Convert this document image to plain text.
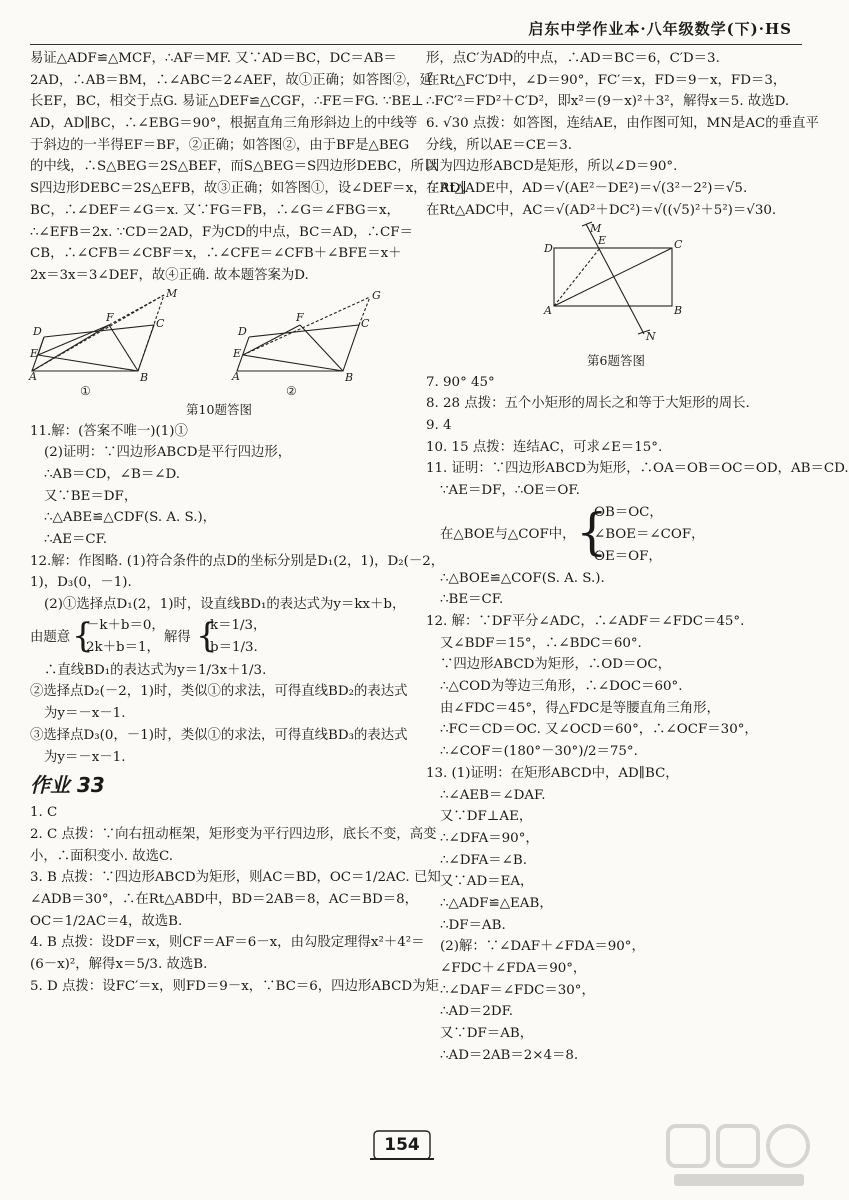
启东中学作业本·八年级数学(下)·HS
易证△ADF≌△MCF，∴AF＝MF. 又∵AD＝BC，DC＝AB＝
2AD，∴AB＝BM，∴∠ABC＝2∠AEF，故①正确；如答图②，延
长EF，BC，相交于点G. 易证△DEF≌△CGF，∴FE＝FG. ∵BE⊥
AD，AD∥BC，∴∠EBG＝90°，根据直角三角形斜边上的中线等
于斜边的一半得EF＝BF，②正确；如答图②，由于BF是△BEG
的中线，∴S△BEG＝2S△BEF，而S△BEG＝S四边形DEBC，所以
S四边形DEBC＝2S△EFB，故③正确；如答图①，设∠DEF＝x，∵AD∥
BC，∴∠DEF＝∠G＝x. 又∵FG＝FB，∴∠G＝∠FBG＝x，
∴∠EFB＝2x. ∵CD＝2AD，F为CD的中点，BC＝AD，∴CF＝
CB，∴∠CFB＝∠CBF＝x，∴∠CFE＝∠CFB＋∠BFE＝x＋
2x＝3x＝3∠DEF，故④正确. 故本题答案为D.
D
F	C
M
E
A	B
D
F	C
G
E
A	B
①	②
第10题答图
11.解：(答案不唯一)(1)①
(2)证明：∵四边形ABCD是平行四边形，
∴AB＝CD，∠B＝∠D.
又∵BE＝DF，
∴△ABE≌△CDF(S. A. S.)，
∴AE＝CF.
12.解：作图略. (1)符合条件的点D的坐标分别是D₁(2，1)，D₂(－2，
1)，D₃(0，－1).
(2)①选择点D₁(2，1)时，设直线BD₁的表达式为y＝kx＋b，
由题意 {
－k＋b＝0，
2k＋b＝1，
解得 {
k＝1/3，
b＝1/3.
∴直线BD₁的表达式为y＝1/3x＋1/3.
②选择点D₂(－2，1)时，类似①的求法，可得直线BD₂的表达式
为y＝－x－1.
③选择点D₃(0，－1)时，类似①的求法，可得直线BD₃的表达式
为y＝－x－1.
作业 33
1. C
2. C 点拨：∵向右扭动框架，矩形变为平行四边形，底长不变，高变
小，∴面积变小. 故选C.
3. B 点拨：∵四边形ABCD为矩形，则AC＝BD，OC＝1/2AC. 已知
∠ADB＝30°，∴在Rt△ABD中，BD＝2AB＝8，AC＝BD＝8，
OC＝1/2AC＝4，故选B.
4. B 点拨：设DF＝x，则CF＝AF＝6－x，由勾股定理得x²＋4²＝
(6－x)²，解得x＝5/3. 故选B.
5. D 点拨：设FC′＝x，则FD＝9－x，∵BC＝6，四边形ABCD为矩
形，点C′为AD的中点，∴AD＝BC＝6，C′D＝3.
在Rt△FC′D中，∠D＝90°，FC′＝x，FD＝9－x，FD＝3，
∴FC′²＝FD²＋C′D²，即x²＝(9－x)²＋3²，解得x＝5. 故选D.
6. √30 点拨：如答图，连结AE，由作图可知，MN是AC的垂直平
分线，所以AE＝CE＝3.
因为四边形ABCD是矩形，所以∠D＝90°.
在Rt△ADE中，AD＝√(AE²－DE²)＝√(3²－2²)＝√5.
在Rt△ADC中，AC＝√(AD²＋DC²)＝√((√5)²＋5²)＝√30.
D
E	C
M
A	B
N
第6题答图
7. 90° 45°
8. 28 点拨：五个小矩形的周长之和等于大矩形的周长.
9. 4
10. 15 点拨：连结AC，可求∠E＝15°.
11. 证明：∵四边形ABCD为矩形，∴OA＝OB＝OC＝OD，AB＝CD.
∵AE＝DF，∴OE＝OF.
在△BOE与△COF中， {
OB＝OC，
∠BOE＝∠COF，
OE＝OF，
∴△BOE≌△COF(S. A. S.).
∴BE＝CF.
12. 解：∵DF平分∠ADC，∴∠ADF＝∠FDC＝45°.
又∠BDF＝15°，∴∠BDC＝60°.
∵四边形ABCD为矩形，∴OD＝OC，
∴△COD为等边三角形，∴∠DOC＝60°.
由∠FDC＝45°，得△FDC是等腰直角三角形，
∴FC＝CD＝OC. 又∠OCD＝60°，∴∠OCF＝30°，
∴∠COF＝(180°－30°)/2＝75°.
13. (1)证明：在矩形ABCD中，AD∥BC，
∴∠AEB＝∠DAF.
又∵DF⊥AE，
∴∠DFA＝90°，
∴∠DFA＝∠B.
又∵AD＝EA，
∴△ADF≌△EAB，
∴DF＝AB.
(2)解：∵∠DAF＋∠FDA＝90°，
∠FDC＋∠FDA＝90°，
∴∠DAF＝∠FDC＝30°，
∴AD＝2DF.
又∵DF＝AB，
∴AD＝2AB＝2×4＝8.
154
